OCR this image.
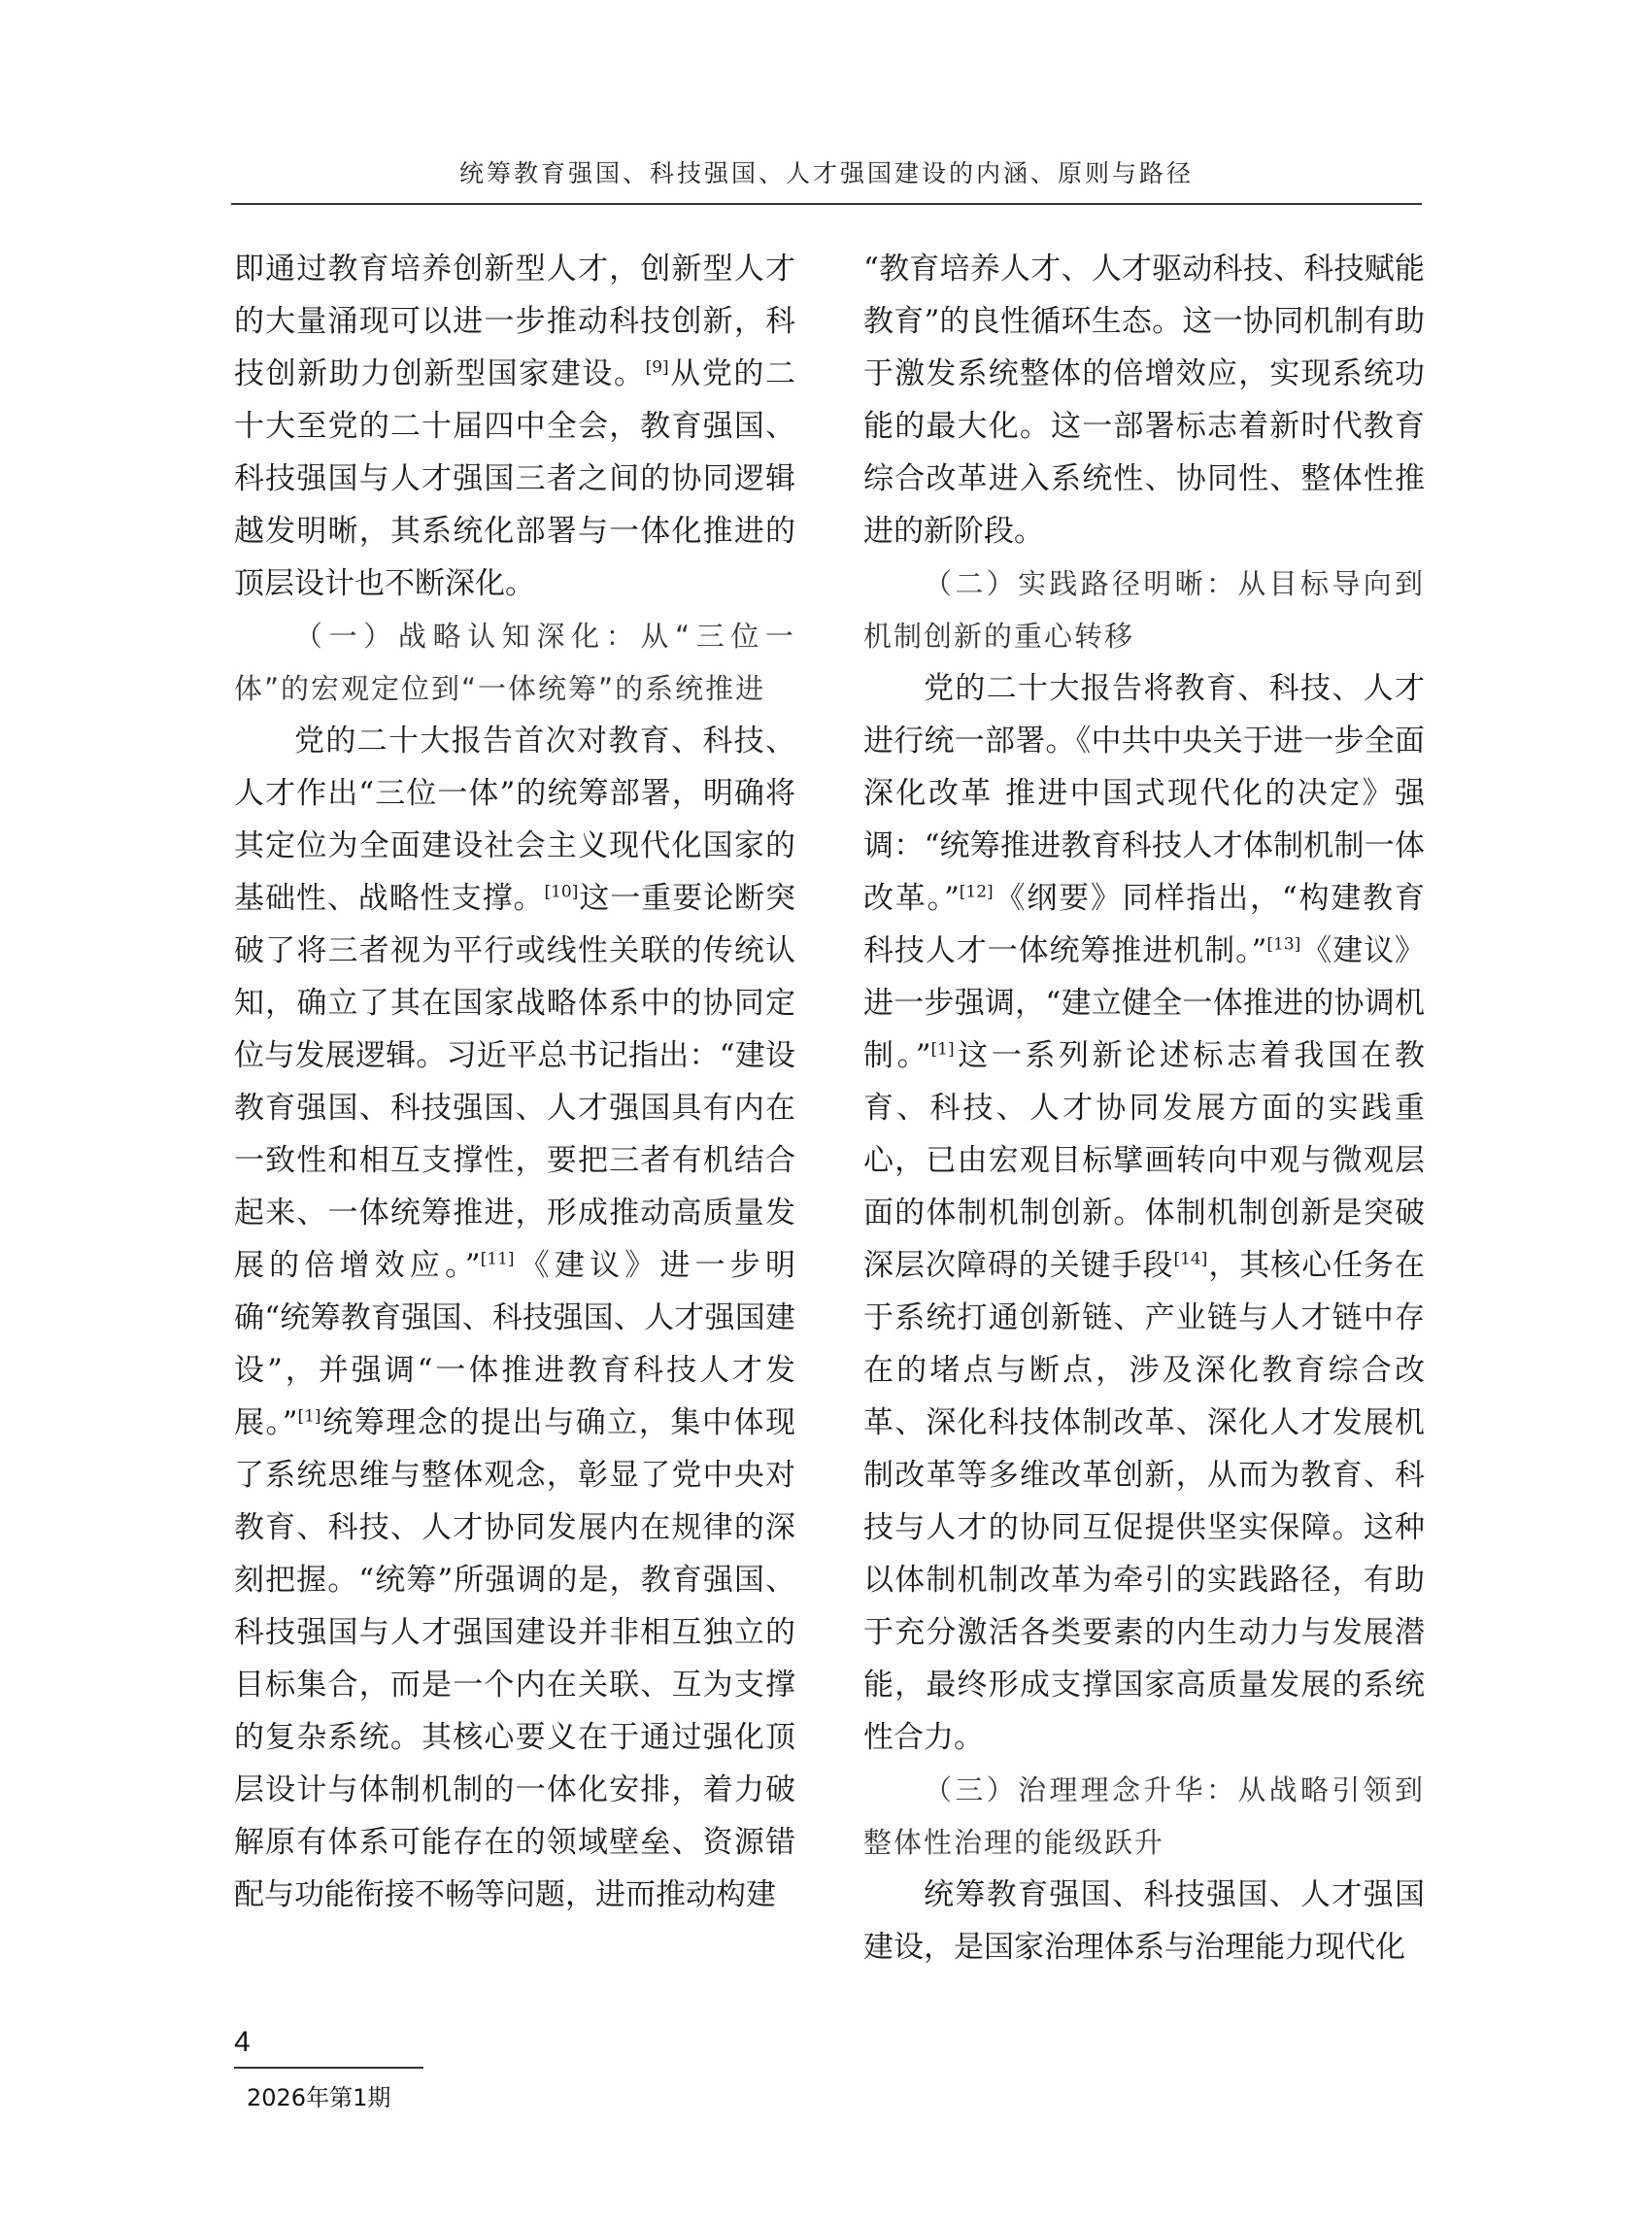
统筹教育强国、科技强国、人才强国建设的内涵、原则与路径

即通过教育培养创新型人才，创新型人才的大量涌现可以进一步推动科技创新，科技创新助力创新型国家建设。[9]从党的二十大至党的二十届四中全会，教育强国、科技强国与人才强国三者之间的协同逻辑越发明晰，其系统化部署与一体化推进的顶层设计也不断深化。

（一）战略认知深化：从“三位一体”的宏观定位到“一体统筹”的系统推进

党的二十大报告首次对教育、科技、人才作出“三位一体”的统筹部署，明确将其定位为全面建设社会主义现代化国家的基础性、战略性支撑。[10]这一重要论断突破了将三者视为平行或线性关联的传统认知，确立了其在国家战略体系中的协同定位与发展逻辑。习近平总书记指出：“建设教育强国、科技强国、人才强国具有内在一致性和相互支撑性，要把三者有机结合起来、一体统筹推进，形成推动高质量发展的倍增效应。”[11]《建议》进一步明确“统筹教育强国、科技强国、人才强国建设”，并强调“一体推进教育科技人才发展。”[1]统筹理念的提出与确立，集中体现了系统思维与整体观念，彰显了党中央对教育、科技、人才协同发展内在规律的深刻把握。“统筹”所强调的是，教育强国、科技强国与人才强国建设并非相互独立的目标集合，而是一个内在关联、互为支撑的复杂系统。其核心要义在于通过强化顶层设计与体制机制的一体化安排，着力破解原有体系可能存在的领域壁垒、资源错配与功能衔接不畅等问题，进而推动构建

“教育培养人才、人才驱动科技、科技赋能教育”的良性循环生态。这一协同机制有助于激发系统整体的倍增效应，实现系统功能的最大化。这一部署标志着新时代教育综合改革进入系统性、协同性、整体性推进的新阶段。

（二）实践路径明晰：从目标导向到机制创新的重心转移

党的二十大报告将教育、科技、人才进行统一部署。《中共中央关于进一步全面深化改革 推进中国式现代化的决定》强调：“统筹推进教育科技人才体制机制一体改革。”[12]《纲要》同样指出，“构建教育科技人才一体统筹推进机制。”[13]《建议》进一步强调，“建立健全一体推进的协调机制。”[1]这一系列新论述标志着我国在教育、科技、人才协同发展方面的实践重心，已由宏观目标擘画转向中观与微观层面的体制机制创新。体制机制创新是突破深层次障碍的关键手段[14]，其核心任务在于系统打通创新链、产业链与人才链中存在的堵点与断点，涉及深化教育综合改革、深化科技体制改革、深化人才发展机制改革等多维改革创新，从而为教育、科技与人才的协同互促提供坚实保障。这种以体制机制改革为牵引的实践路径，有助于充分激活各类要素的内生动力与发展潜能，最终形成支撑国家高质量发展的系统性合力。

（三）治理理念升华：从战略引领到整体性治理的能级跃升

统筹教育强国、科技强国、人才强国建设，是国家治理体系与治理能力现代化

4
2026年第1期
